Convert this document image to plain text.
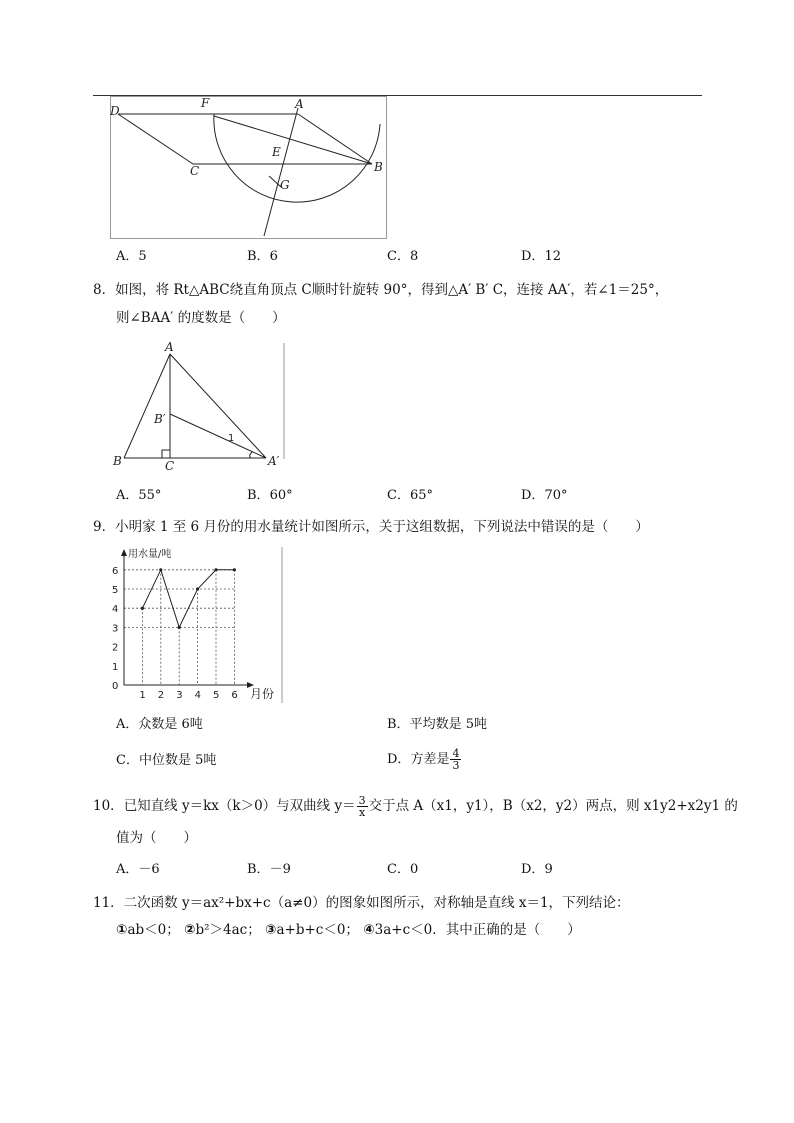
D
F	A
E
C
G
B
A．5	B．6	C．8	D．12
8．如图，将 Rt△ABC绕直角顶点 C顺时针旋转 90°，得到△A′ B′ C，连接 AA′，若∠1＝25°，
则∠BAA′ 的度数是（　　）
A
B′
1
B	C	A′
A．55°	B．60°	C．65°	D．70°
9．小明家 1 至 6 月份的用水量统计如图所示，关于这组数据，下列说法中错误的是（　　）
1
2
3
4
5
6
0
1 2 3 4 5 6
用水量/吨
月份
A．众数是 6吨	B．平均数是 5吨
C．中位数是 5吨	D．方差是 $\frac{4}{3}$
10．已知直线 y＝kx（k＞0）与双曲线 $y= \frac{3}{x}$ 交于点 A（x1，y1），B（x2，y2）两点，则 x1y2+x2y1 的
值为（　　）
A．－6	B．－9	C．0	D．9
11．二次函数 y＝ax²+bx+c（a≠0）的图象如图所示，对称轴是直线 x＝1，下列结论：
①ab＜0； ②b²＞4ac； ③a+b+c＜0； ④3a+c＜0．其中正确的是（　　）
